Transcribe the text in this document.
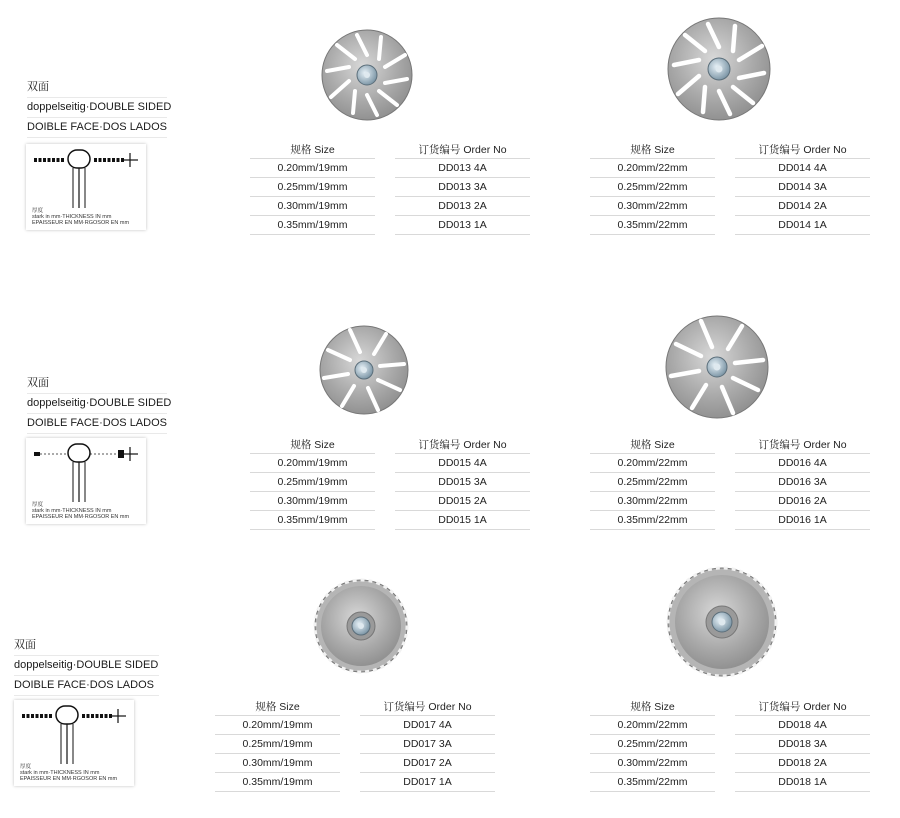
双面
doppelseitig·DOUBLE SIDED
DOIBLE FACE·DOS LADOS
厚度
stark in mm·THICKNESS IN mm
EPAISSEUR EN MM·RGOSOR EN mm
规格 Size		订货编号 Order No
0.20mm/19mm		DD013 4A
0.25mm/19mm		DD013 3A
0.30mm/19mm		DD013 2A
0.35mm/19mm		DD013 1A
规格 Size		订货编号 Order No
0.20mm/22mm		DD014 4A
0.25mm/22mm		DD014 3A
0.30mm/22mm		DD014 2A
0.35mm/22mm		DD014 1A
双面
doppelseitig·DOUBLE SIDED
DOIBLE FACE·DOS LADOS
厚度
stark in mm·THICKNESS IN mm
EPAISSEUR EN MM·RGOSOR EN mm
规格 Size		订货编号 Order No
0.20mm/19mm		DD015 4A
0.25mm/19mm		DD015 3A
0.30mm/19mm		DD015 2A
0.35mm/19mm		DD015 1A
规格 Size		订货编号 Order No
0.20mm/22mm		DD016 4A
0.25mm/22mm		DD016 3A
0.30mm/22mm		DD016 2A
0.35mm/22mm		DD016 1A
双面
doppelseitig·DOUBLE SIDED
DOIBLE FACE·DOS LADOS
厚度
stark in mm·THICKNESS IN mm
EPAISSEUR EN MM·RGOSOR EN mm
规格 Size		订货编号 Order No
0.20mm/19mm		DD017 4A
0.25mm/19mm		DD017 3A
0.30mm/19mm		DD017 2A
0.35mm/19mm		DD017 1A
规格 Size		订货编号 Order No
0.20mm/22mm		DD018 4A
0.25mm/22mm		DD018 3A
0.30mm/22mm		DD018 2A
0.35mm/22mm		DD018 1A
